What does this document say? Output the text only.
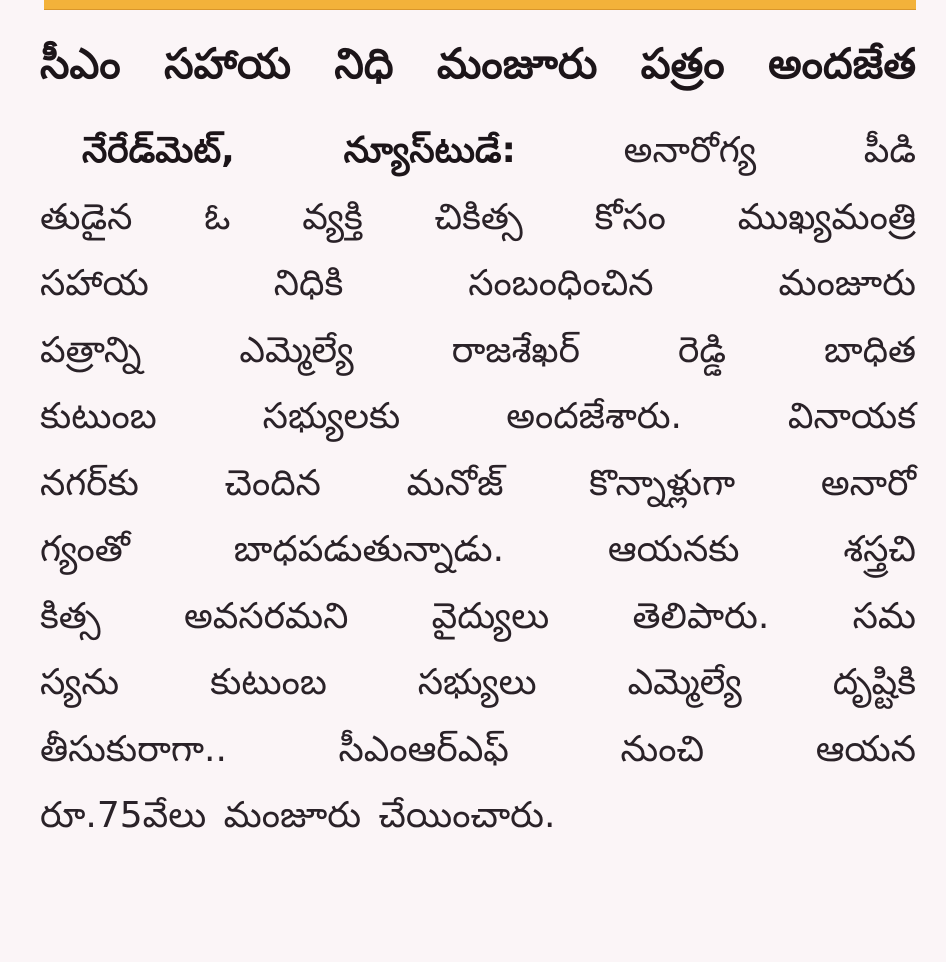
సీఎం సహాయ నిధి మంజూరు పత్రం అందజేత
నేరేడ్‌మెట్, న్యూస్‌టుడే:	అనారోగ్య పీడి
తుడైన ఓ వ్యక్తి చికిత్స కోసం ముఖ్యమంత్రి
సహాయ నిధికి సంబంధించిన మంజూరు
పత్రాన్ని ఎమ్మెల్యే రాజశేఖర్ రెడ్డి బాధిత
కుటుంబ సభ్యులకు అందజేశారు. వినాయక
నగర్‌కు చెందిన మనోజ్ కొన్నాళ్లుగా అనారో
గ్యంతో బాధపడుతున్నాడు. ఆయనకు శస్త్రచి
కిత్స అవసరమని వైద్యులు తెలిపారు. సమ
స్యను కుటుంబ సభ్యులు ఎమ్మెల్యే దృష్టికి
తీసుకురాగా.. సీఎంఆర్‌ఎఫ్ నుంచి ఆయన
రూ.75వేలు మంజూరు చేయించారు.
